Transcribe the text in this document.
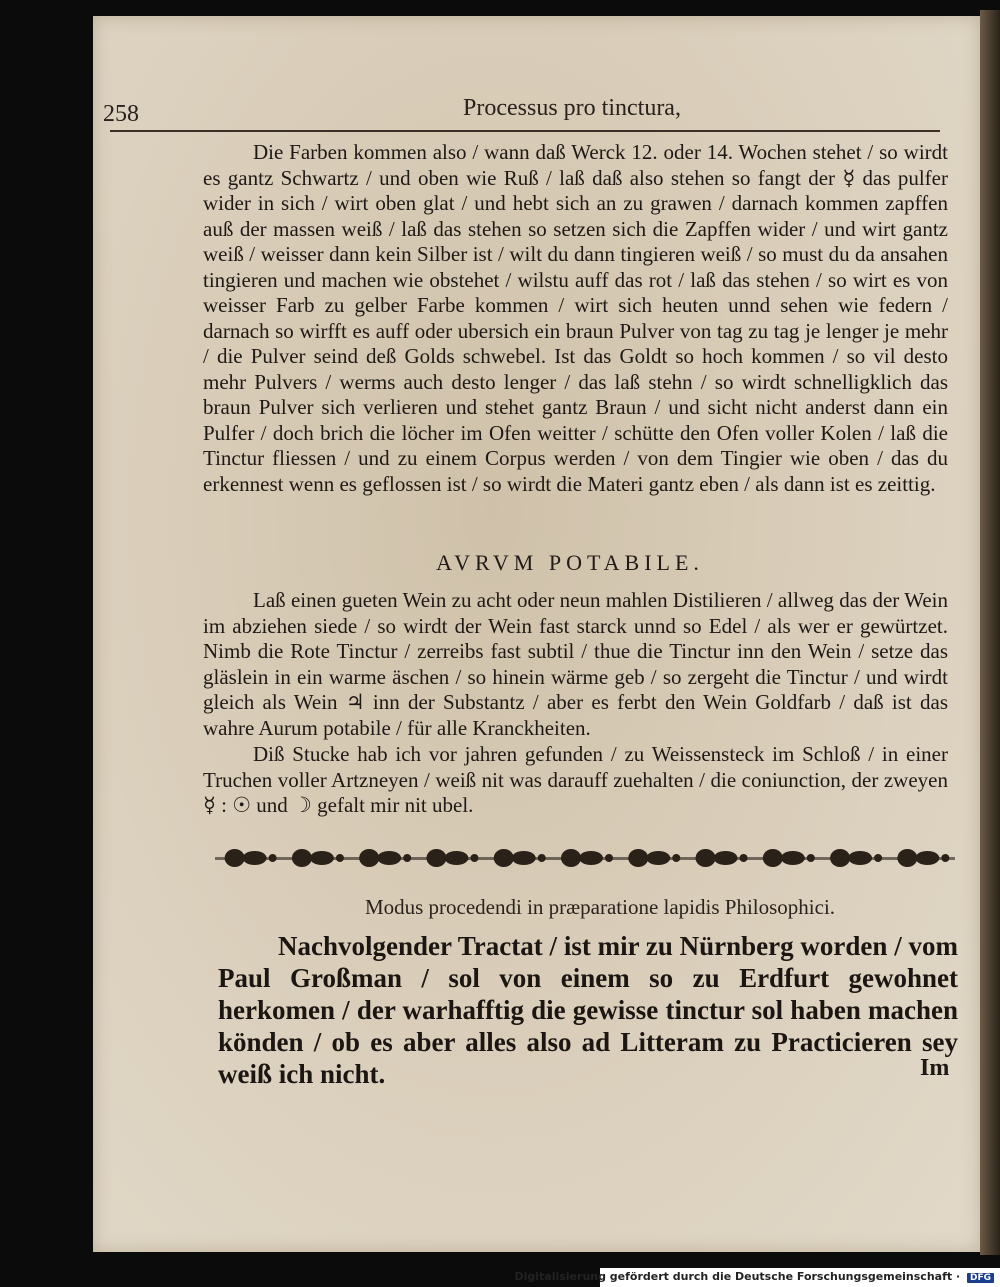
258	Processus pro tinctura,
Die Farben kommen also / wann daß Werck 12. oder 14. Wochen stehet / so wirdt es gantz Schwartz / und oben wie Ruß / laß daß also stehen so fangt der ☿ das pulfer wider in sich / wirt oben glat / und hebt sich an zu grawen / darnach kommen zapffen auß der massen weiß / laß das stehen so setzen sich die Zapffen wider / und wirt gantz weiß / weisser dann kein Silber ist / wilt du dann tingieren weiß / so must du da ansahen tingieren und machen wie obstehet / wilstu auff das rot / laß das stehen / so wirt es von weisser Farb zu gelber Farbe kommen / wirt sich heuten unnd sehen wie federn / darnach so wirfft es auff oder ubersich ein braun Pulver von tag zu tag je lenger je mehr / die Pulver seind deß Golds schwebel. Ist das Goldt so hoch kommen / so vil desto mehr Pulvers / werms auch desto lenger / das laß stehn / so wirdt schnelligklich das braun Pulver sich verlieren und stehet gantz Braun / und sicht nicht anderst dann ein Pulfer / doch brich die löcher im Ofen weitter / schütte den Ofen voller Kolen / laß die Tinctur fliessen / und zu einem Corpus werden / von dem Tingier wie oben / das du erkennest wenn es geflossen ist / so wirdt die Materi gantz eben / als dann ist es zeittig.
AVRVM POTABILE.
Laß einen gueten Wein zu acht oder neun mahlen Distilieren / allweg das der Wein im abziehen siede / so wirdt der Wein fast starck unnd so Edel / als wer er gewürtzet. Nimb die Rote Tinctur / zerreibs fast subtil / thue die Tinctur inn den Wein / setze das gläslein in ein warme äschen / so hinein wärme geb / so zergeht die Tinctur / und wirdt gleich als Wein ♃ inn der Substantz / aber es ferbt den Wein Goldfarb / daß ist das wahre Aurum potabile / für alle Kranckheiten.
Diß Stucke hab ich vor jahren gefunden / zu Weissensteck im Schloß / in einer Truchen voller Artzneyen / weiß nit was darauff zuehalten / die coniunction, der zweyen ☿ : ☉ und ☽ gefalt mir nit ubel.
Modus procedendi in præparatione lapidis Philosophici.
Nachvolgender Tractat / ist mir zu Nürnberg worden / vom Paul Großman / sol von einem so zu Erdfurt gewohnet herkomen / der warhafftig die gewisse tinctur sol haben machen könden / ob es aber alles also ad Litteram zu Practicieren sey weiß ich nicht.	Im
Digitalisierung gefördert durch die Deutsche Forschungsgemeinschaft · DFG
